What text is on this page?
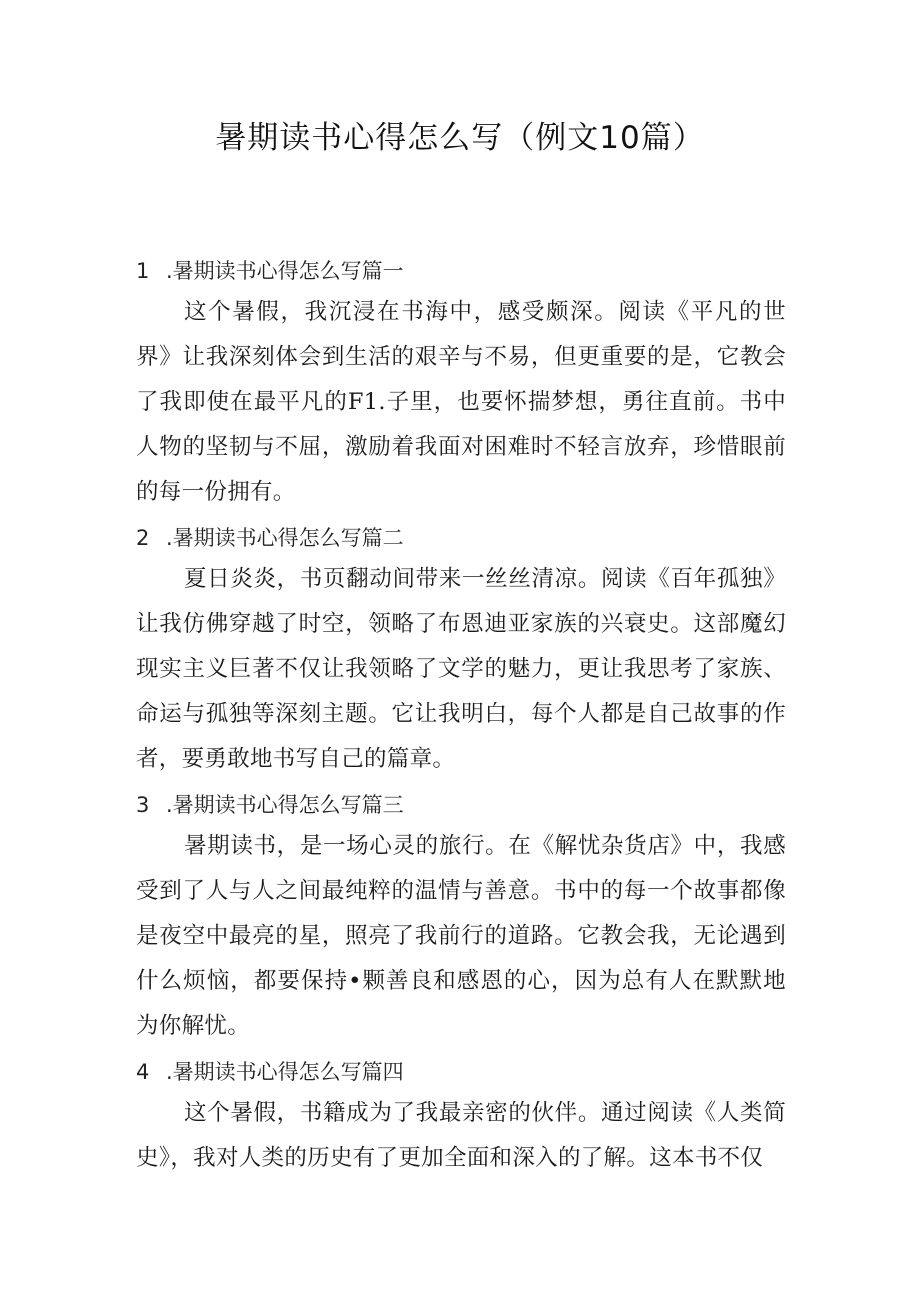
暑期读书心得怎么写（例文10篇）
1 .暑期读书心得怎么写篇一

这个暑假，我沉浸在书海中，感受颇深。阅读《平凡的世界》让我深刻体会到生活的艰辛与不易，但更重要的是，它教会了我即使在最平凡的F1.子里，也要怀揣梦想，勇往直前。书中人物的坚韧与不屈，激励着我面对困难时不轻言放弃，珍惜眼前的每一份拥有。

2 .暑期读书心得怎么写篇二

夏日炎炎，书页翻动间带来一丝丝清凉。阅读《百年孤独》让我仿佛穿越了时空，领略了布恩迪亚家族的兴衰史。这部魔幻现实主义巨著不仅让我领略了文学的魅力，更让我思考了家族、命运与孤独等深刻主题。它让我明白，每个人都是自己故事的作者，要勇敢地书写自己的篇章。

3 .暑期读书心得怎么写篇三

暑期读书，是一场心灵的旅行。在《解忧杂货店》中，我感受到了人与人之间最纯粹的温情与善意。书中的每一个故事都像是夜空中最亮的星，照亮了我前行的道路。它教会我，无论遇到什么烦恼，都要保持•颗善良和感恩的心，因为总有人在默默地为你解忧。

4 .暑期读书心得怎么写篇四

这个暑假，书籍成为了我最亲密的伙伴。通过阅读《人类简史》，我对人类的历史有了更加全面和深入的了解。这本书不仅
